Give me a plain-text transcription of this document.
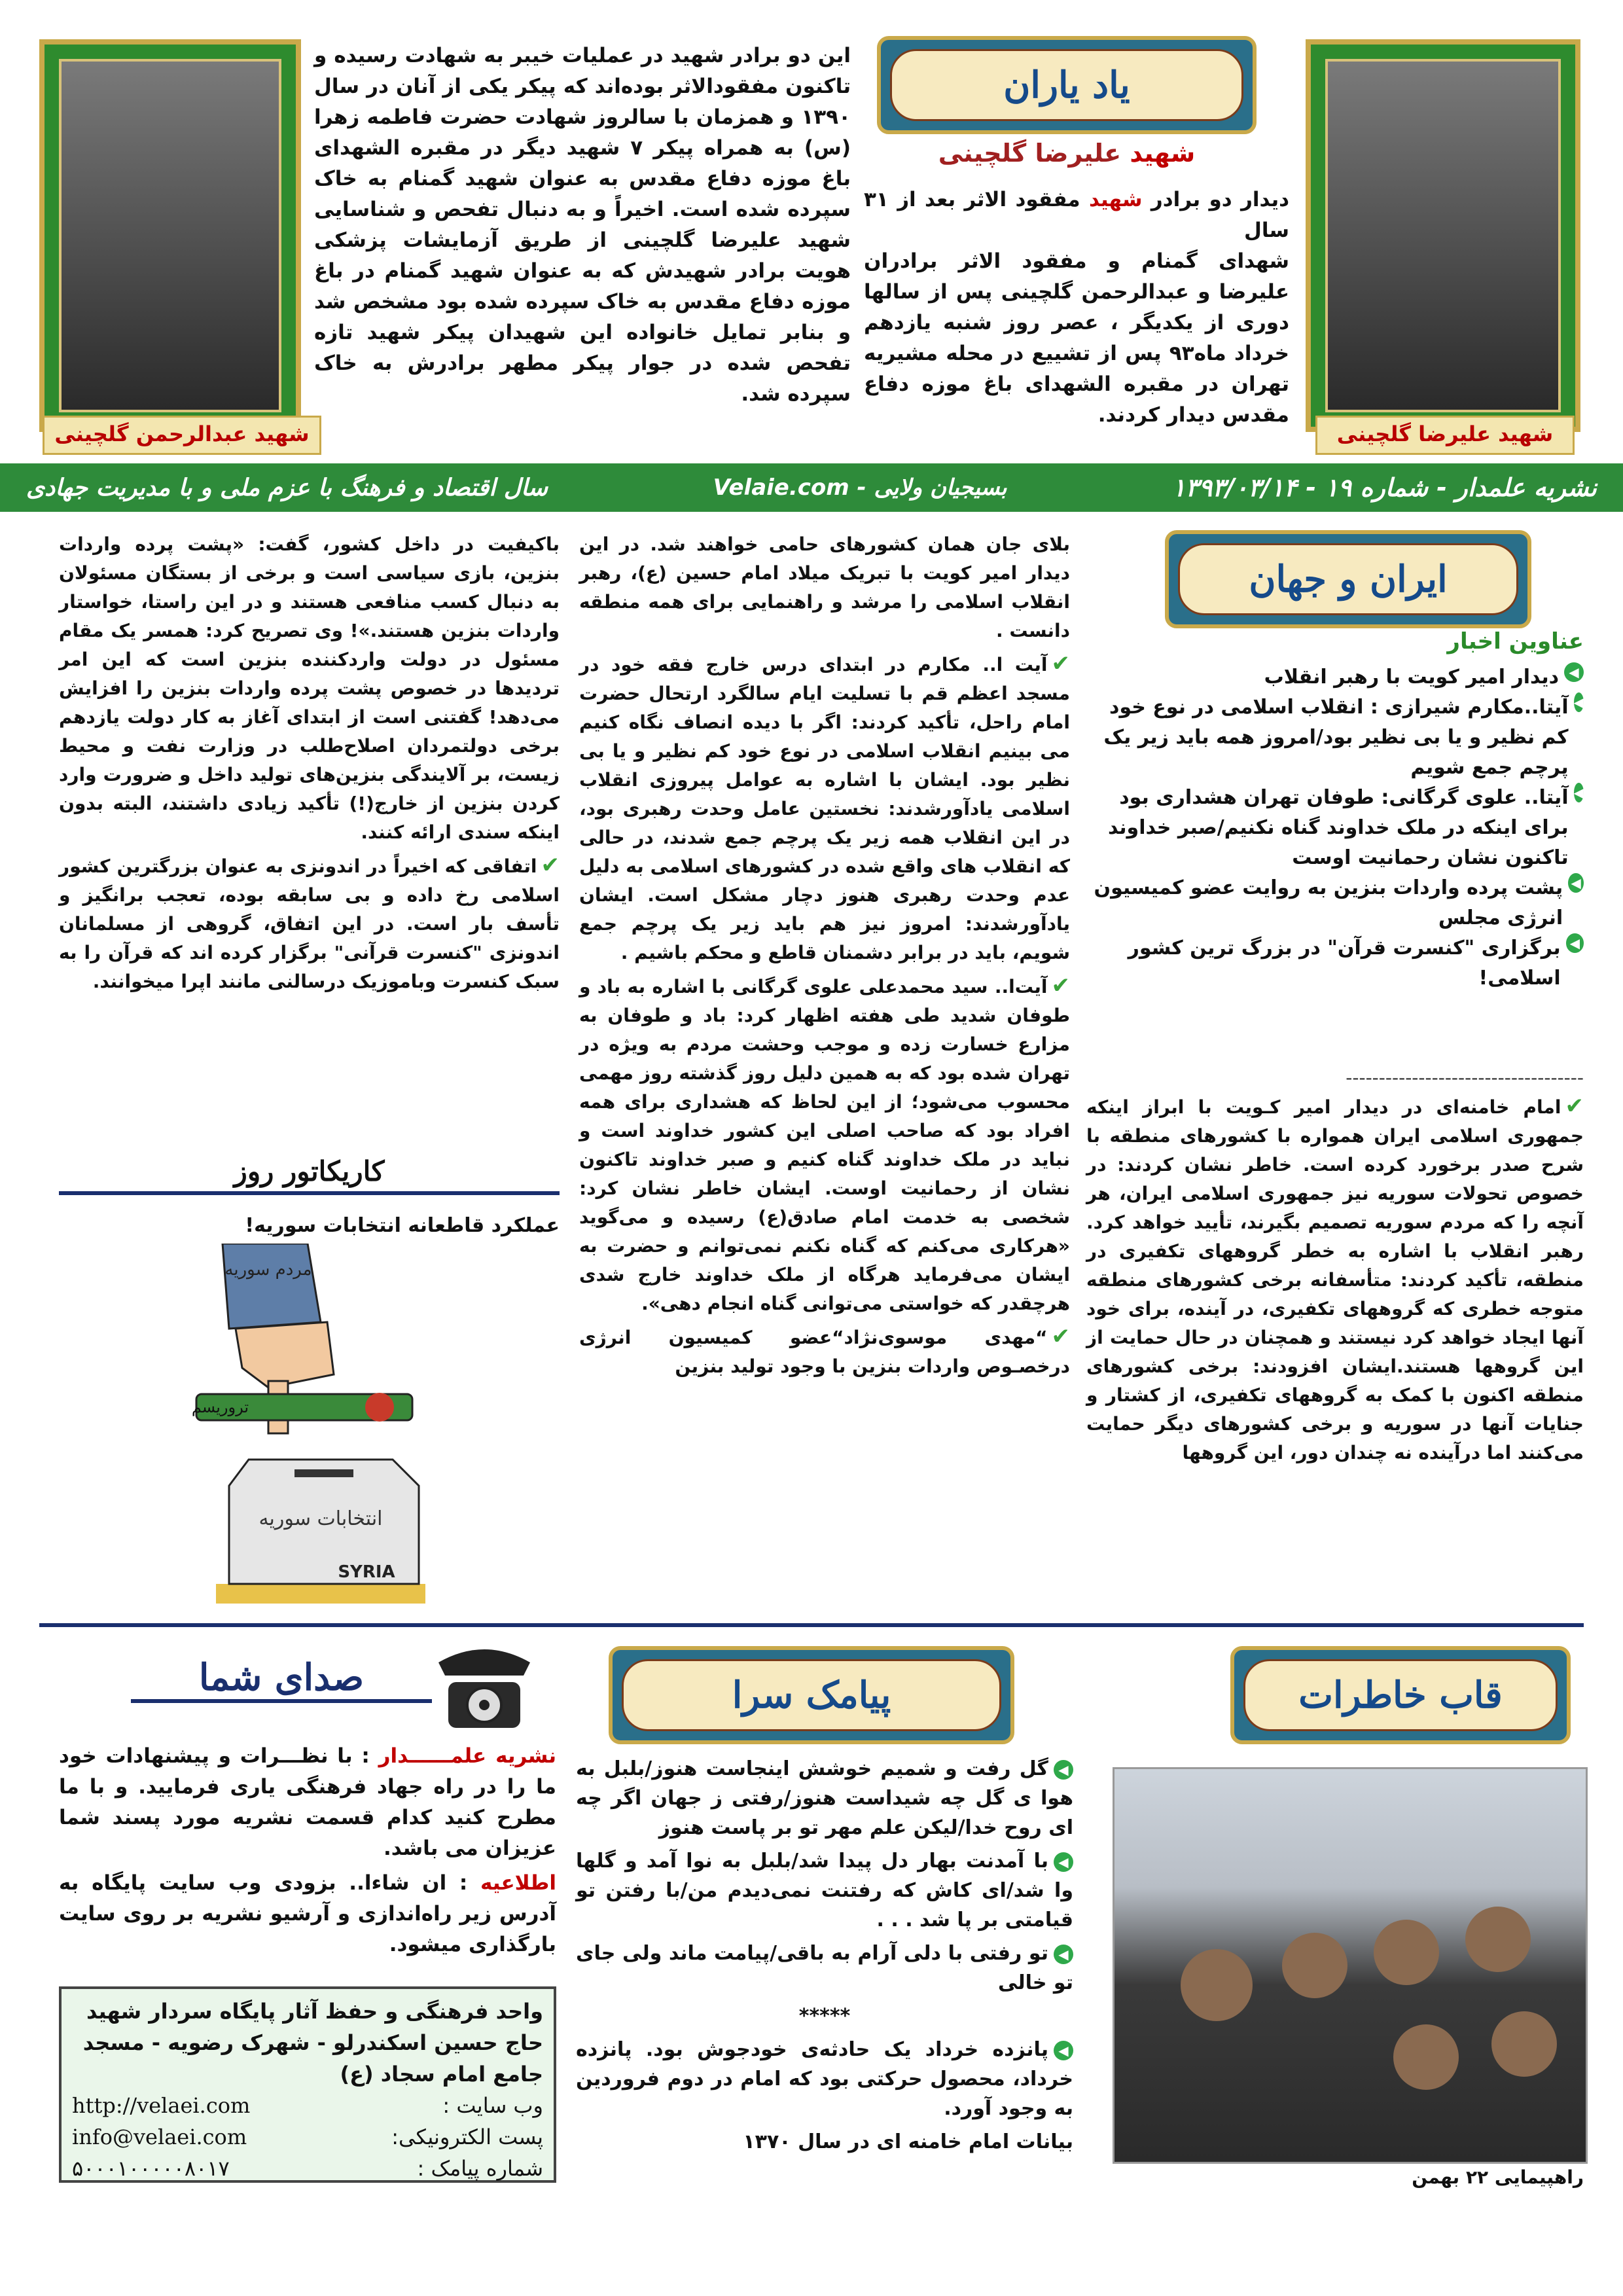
شهید علیرضا گلچینی
شهید عبدالرحمن گلچینی
یاد یاران
شهید علیرضا گلچینی
دیدار دو برادر شهید مفقود الاثر بعد از ۳۱ سال
شهدای گمنام و مفقود الاثر برادران علیرضا و عبدالرحمن گلچینی پس از سالها دوری از یکدیگر ، عصر روز شنبه یازدهم خرداد ماه۹۳ پس از تشییع در محله مشیریه تهران در مقبره الشهدای باغ موزه دفاع مقدس دیدار کردند.
این دو برادر شهید در عملیات خیبر به شهادت رسیده و تاکنون مفقودالاثر بوده‌اند که پیکر یکی از آنان در سال ۱۳۹۰ و همزمان با سالروز شهادت حضرت فاطمه زهرا (س) به همراه پیکر ۷ شهید دیگر در مقبره الشهدای باغ موزه دفاع مقدس به عنوان شهید گمنام به خاک سپرده شده است. اخیراً و به دنبال تفحص و شناسایی شهید علیرضا گلچینی از طریق آزمایشات پزشکی هویت برادر شهیدش که به عنوان شهید گمنام در باغ موزه دفاع مقدس به خاک سپرده شده بود مشخص شد و بنابر تمایل خانواده این شهیدان پیکر شهید تازه تفحص شده در جوار پیکر مطهر برادرش به خاک سپرده شد.
نشریه علمدار - شماره ۱۹ - ۱۳۹۳/۰۳/۱۴
بسیجیان ولایی - Velaie.com
سال اقتصاد و فرهنگ با عزم ملی و با مدیریت جهادی
ایران و جهان
عناوین اخبار
◀
دیدار امیر کویت با رهبر انقلاب
◀
آیتا..مکارم شیرازی : انقلاب اسلامی در نوع خود کم نظیر و یا بی نظیر بود/امروز همه باید زیر یک پرچم جمع شویم
◀
آیتا.. علوی گرگانی: طوفان تهران هشداری بود برای اینکه در ملک خداوند گناه نکنیم/صبر خداوند تاکنون نشان رحمانیت اوست
◀
پشت پرده واردات بنزین به روایت عضو کمیسیون انرژی مجلس
◀
برگزاری "کنسرت قرآن" در بزرگ ترین کشور اسلامی!
------------------------------------
✔امام خامنه‌ای در دیدار امیر کـویت با ابراز اینکه جمهوری اسلامی ایران همواره با کشورهای منطقه با شرح صدر برخورد کرده است. خاطر نشان کردند: در خصوص تحولات سوریه نیز جمهوری اسلامی ایران، هر آنچه را که مردم سوریه تصمیم بگیرند، تأیید خواهد کرد. رهبر انقلاب با اشاره به خطر گروههای تکفیری در منطقه، تأکید کردند: متأسفانه برخی کشورهای منطقه متوجه خطری که گروههای تکفیری، در آینده، برای خود آنها ایجاد خواهد کرد نیستند و همچنان در حال حمایت از این گروهها هستند.ایشان افزودند: برخی کشورهای منطقه اکنون با کمک به گروههای تکفیری، از کشتار و جنایات آنها در سوریه و برخی کشورهای دیگر حمایت می‌کنند اما درآینده نه چندان دور، این گروهها

بلای جان همان کشورهای حامی خواهند شد. در این دیدار امیر کویت با تبریک میلاد امام حسین (ع)، رهبر انقلاب اسلامی را مرشد و راهنمایی برای همه منطقه دانست .

✔آیت ا.. مکارم در ابتدای درس خارج فقه خود در مسجد اعظم قم با تسلیت ایام سالگرد ارتحال حضرت امام راحل، تأکید کردند: اگر با دیده انصاف نگاه کنیم می بینیم انقلاب اسلامی در نوع خود کم نظیر و یا بی نظیر بود. ایشان با اشاره به عوامل پیروزی انقلاب اسلامی یادآورشدند: نخستین عامل وحدت رهبری بود، در این انقلاب همه زیر یک پرچم جمع شدند، در حالی که انقلاب های واقع شده در کشورهای اسلامی به دلیل عدم وحدت رهبری هنوز دچار مشکل است. ایشان یادآورشدند: امروز نیز هم باید زیر یک پرچم جمع شویم، باید در برابر دشمنان قاطع و محکم باشیم .

✔آیت‌ا.. سید محمدعلی علوی گرگانی با اشاره به باد و طوفان شدید طی هفته اظهار کرد: باد و طوفان به مزارع خسارت زده و موجب وحشت مردم به ویژه در تهران شده بود که به همین دلیل روز گذشته روز مهمی محسوب می‌شود؛ از این لحاظ که هشداری برای همه افراد بود که صاحب اصلی این کشور خداوند است و نباید در ملک خداوند گناه کنیم و صبر خداوند تاکنون نشان از رحمانیت اوست. ایشان خاطر نشان کرد: شخصی به خدمت امام صادق(ع) رسیده و می‌گوید «هرکاری می‌کنم که گناه نکنم نمی‌توانم و حضرت به ایشان می‌فرماید هرگاه از ملک خداوند خارج شدی هرچقدر که خواستی می‌توانی گناه انجام دهی».

✔“مهدی موسوی‌نژاد“عضو کمیسیون انرژی درخصـوص واردات بنزین با وجود تولید بنزین

باکیفیت در داخل کشور، گفت: «پشت پرده واردات بنزین، بازی سیاسی است و برخی از بستگان مسئولان به دنبال کسب منافعی هستند و در این راستا، خواستار واردات بنزین هستند.»! وی تصریح کرد: همسر یک مقام مسئول در دولت واردکننده بنزین است که این امر تردیدها در خصوص پشت پرده واردات بنزین را افزایش می‌دهد! گفتنی است از ابتدای آغاز به کار دولت یازدهم برخی دولتمردان اصلاح‌طلب در وزارت نفت و محیط زیست، بر آلایندگی بنزین‌های تولید داخل و ضرورت وارد کردن بنزین از خارج(!) تأکید زیادی داشتند، البته بدون اینکه سندی ارائه کنند.

✔اتفاقی که اخیراً در اندونزی به عنوان بزرگترین کشور اسلامی رخ داده و بی سابقه بوده، تعجب برانگیز و تأسف بار است. در این اتفاق، گروهی از مسلمانان اندونزی "کنسرت قرآنی" برگزار کرده اند که قرآن را به سبک کنسرت وباموزیک درسالنی مانند اپرا میخوانند.

کاریکاتور روز
عملکرد قاطعانه انتخابات سوریه!
مردم سوریه
تروریسم
انتخابات سوریه
SYRIA
قاب خاطرات
راهپیمایی ۲۲ بهمن
پیامک سرا

◀گل رفت و شمیم خوشش اینجاست هنوز/بلبل به هوا ی گل چه شیداست هنوز/رفتی ز جهان اگر چه ای روح خدا/لیکن علم مهر تو بر پاست هنوز

◀با آمدنت بهار دل پیدا شد/بلبل به نوا آمد و گلها وا شد/ای کاش که رفتنت نمی‌دیدم من/با رفتن تو قیامتی بر پا شد . . .

◀تو رفتی با دلی آرام به باقی/پیامت ماند ولی جای تو خالی

*****

◀پانزده خرداد یک حادثه‌ی خودجوش بود. پانزده خرداد، محصول حرکتی بود که امام در دوم فروردین به وجود آورد.

بیانات امام خامنه ای در سال ۱۳۷۰

صدای شما

نشریه علمــــــدار : با نظـــرات و پیشنهادات خود ما را در راه جهاد فرهنگی یاری فرمایید. و با ما مطرح کنید کدام قسمت نشریه مورد پسند شما عزیزان می باشد.

اطلاعیه : ان شاءا.. بزودی وب سایت پایگاه به آدرس زیر راه‌اندازی و آرشیو نشریه بر روی سایت بارگذاری میشود.

واحد فرهنگی و حفظ آثار پایگاه سردار شهید حاج حسین اسکندرلو - شهرک رضویه - مسجد جامع امام سجاد (ع)
وب سایت :
http://velaei.com
پست الکترونیکی:
info@velaei.com
شماره پیامک :
۵۰۰۰۱۰۰۰۰۰۸۰۱۷
